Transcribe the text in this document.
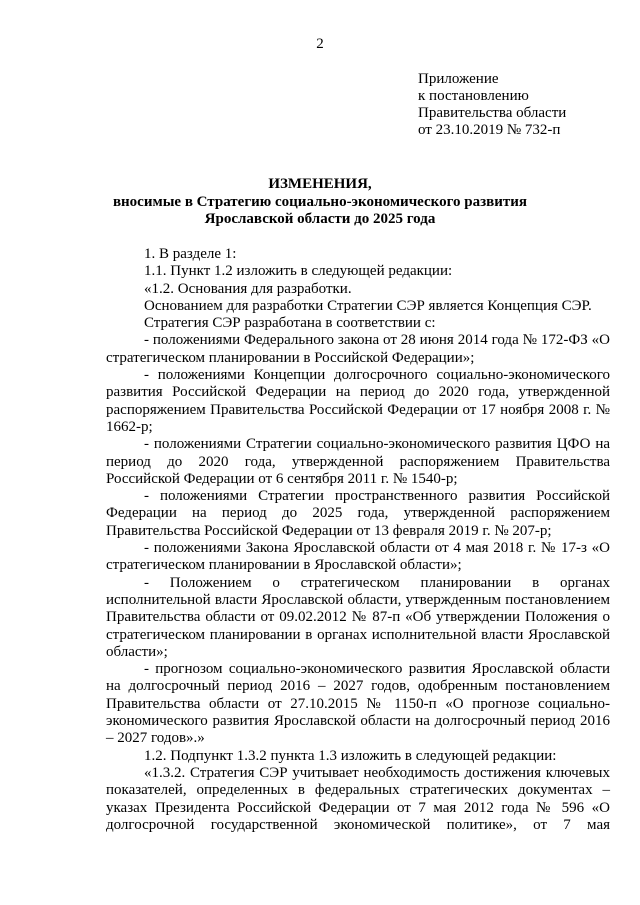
2
Приложение
к постановлению
Правительства области
от 23.10.2019 № 732-п
ИЗМЕНЕНИЯ,
вносимые в Стратегию социально-экономического развития
Ярославской области до 2025 года

1. В разделе 1:

1.1. Пункт 1.2 изложить в следующей редакции:

«1.2. Основания для разработки.

Основанием для разработки Стратегии СЭР является Концепция СЭР.

Стратегия СЭР разработана в соответствии с:

- положениями Федерального закона от 28 июня 2014 года № 172-ФЗ «О стратегическом планировании в Российской Федерации»;

- положениями Концепции долгосрочного социально-экономического развития Российской Федерации на период до 2020 года, утвержденной распоряжением Правительства Российской Федерации от 17 ноября 2008 г. № 1662-р;

- положениями Стратегии социально-экономического развития ЦФО на период до 2020 года, утвержденной распоряжением Правительства Российской Федерации от 6 сентября 2011 г. № 1540-р;

- положениями Стратегии пространственного развития Российской Федерации на период до 2025 года, утвержденной распоряжением Правительства Российской Федерации от 13 февраля 2019 г. № 207-р;

- положениями Закона Ярославской области от 4 мая 2018 г. № 17-з «О стратегическом планировании в Ярославской области»;

- Положением о стратегическом планировании в органах исполнительной власти Ярославской области, утвержденным постановлением Правительства области от 09.02.2012 № 87-п «Об утверждении Положения о стратегическом планировании в органах исполнительной власти Ярославской области»;

- прогнозом социально-экономического развития Ярославской области на долгосрочный период 2016 – 2027 годов, одобренным постановлением Правительства области от 27.10.2015 № 1150-п «О прогнозе социально-экономического развития Ярославской области на долгосрочный период 2016 – 2027 годов».»

1.2. Подпункт 1.3.2 пункта 1.3 изложить в следующей редакции:

«1.3.2. Стратегия СЭР учитывает необходимость достижения ключевых показателей, определенных в федеральных стратегических документах – указах Президента Российской Федерации от 7 мая 2012 года № 596 «О долгосрочной государственной экономической политике», от 7 мая
